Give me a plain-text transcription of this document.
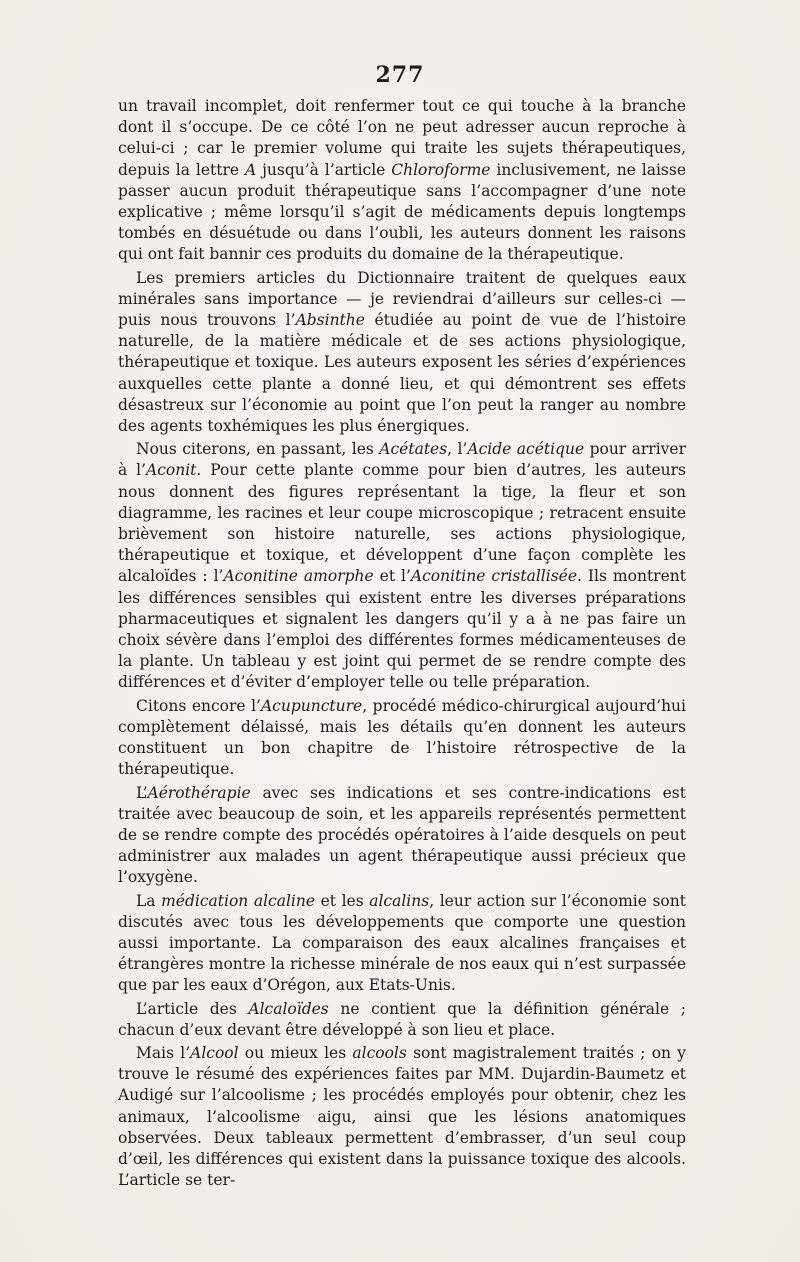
277

un travail incomplet, doit renfermer tout ce qui touche à la branche dont il s’occupe. De ce côté l’on ne peut adresser aucun reproche à celui-ci ; car le premier volume qui traite les sujets thérapeutiques, depuis la lettre A jusqu’à l’article Chloroforme inclusivement, ne laisse passer aucun produit thérapeutique sans l’accompagner d’une note explicative ; même lorsqu’il s’agit de médicaments depuis longtemps tombés en désuétude ou dans l’oubli, les auteurs donnent les raisons qui ont fait bannir ces produits du domaine de la thérapeutique.

Les premiers articles du Dictionnaire traitent de quelques eaux minérales sans importance — je reviendrai d’ailleurs sur celles-ci — puis nous trouvons l’Absinthe étudiée au point de vue de l’histoire naturelle, de la matière médicale et de ses actions physiologique, thérapeutique et toxique. Les auteurs exposent les séries d’expériences auxquelles cette plante a donné lieu, et qui démontrent ses effets désastreux sur l’économie au point que l’on peut la ranger au nombre des agents toxhémiques les plus énergiques.

Nous citerons, en passant, les Acétates, l’Acide acétique pour arriver à l’Aconit. Pour cette plante comme pour bien d’autres, les auteurs nous donnent des figures représentant la tige, la fleur et son diagramme, les racines et leur coupe microscopique ; retracent ensuite brièvement son histoire naturelle, ses actions physiologique, thérapeutique et toxique, et développent d’une façon complète les alcaloïdes : l’Aconitine amorphe et l’Aconitine cristallisée. Ils montrent les différences sensibles qui existent entre les diverses préparations pharmaceutiques et signalent les dangers qu’il y a à ne pas faire un choix sévère dans l’emploi des différentes formes médicamenteuses de la plante. Un tableau y est joint qui permet de se rendre compte des différences et d’éviter d’employer telle ou telle préparation.

Citons encore l’Acupuncture, procédé médico-chirurgical aujourd’hui complètement délaissé, mais les détails qu’en donnent les auteurs constituent un bon chapitre de l’histoire rétrospective de la thérapeutique.

L’Aérothérapie avec ses indications et ses contre-indications est traitée avec beaucoup de soin, et les appareils représentés permettent de se rendre compte des procédés opératoires à l’aide desquels on peut administrer aux malades un agent thérapeutique aussi précieux que l’oxygène.

La médication alcaline et les alcalins, leur action sur l’économie sont discutés avec tous les développements que comporte une question aussi importante. La comparaison des eaux alcalines françaises et étrangères montre la richesse minérale de nos eaux qui n’est surpassée que par les eaux d’Orégon, aux Etats-Unis.

L’article des Alcaloïdes ne contient que la définition générale ; chacun d’eux devant être développé à son lieu et place.

Mais l’Alcool ou mieux les alcools sont magistralement traités ; on y trouve le résumé des expériences faites par MM. Dujardin-Baumetz et Audigé sur l’alcoolisme ; les procédés employés pour obtenir, chez les animaux, l’alcoolisme aigu, ainsi que les lésions anatomiques observées. Deux tableaux permettent d’embrasser, d’un seul coup d’œil, les différences qui existent dans la puissance toxique des alcools. L’article se ter-
